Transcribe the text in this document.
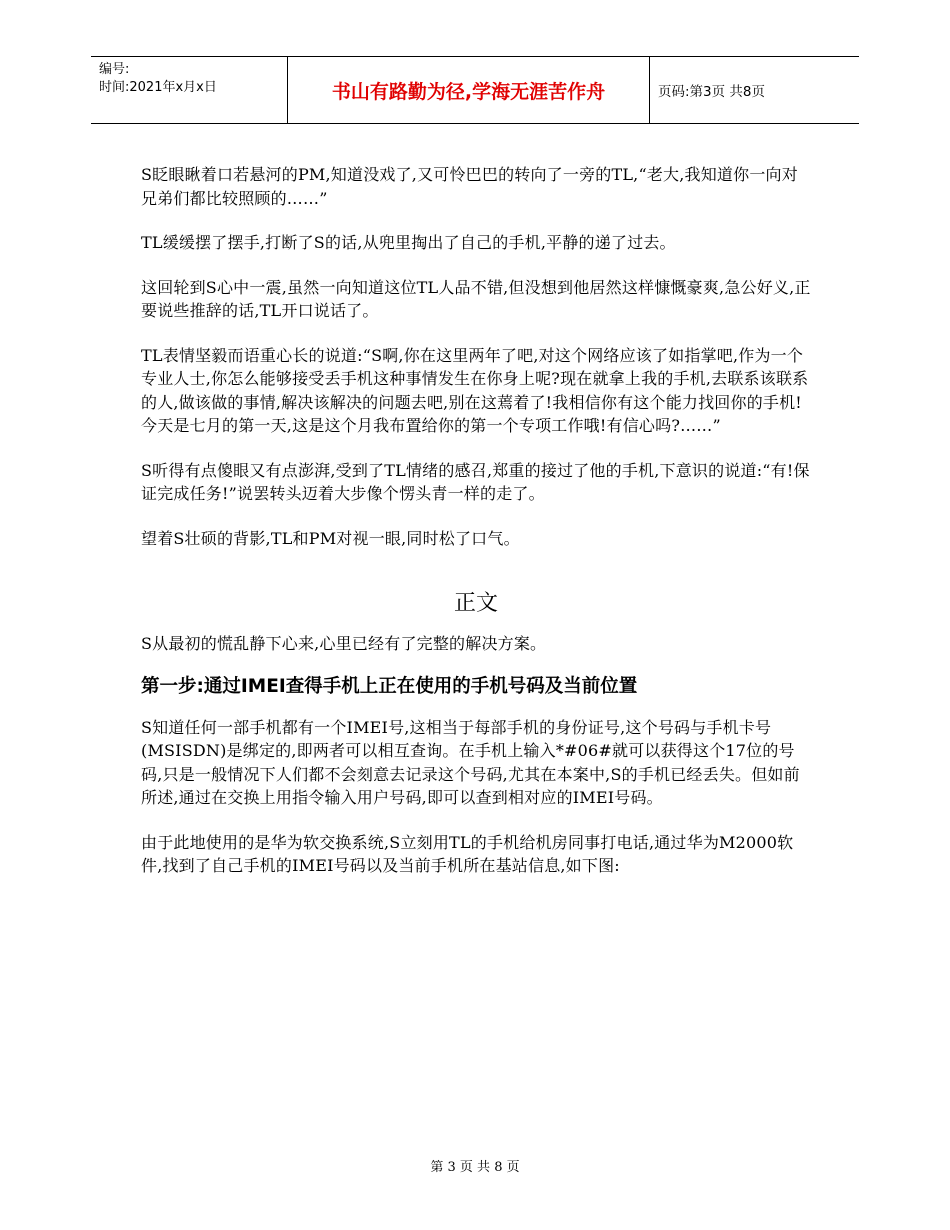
编号:
时间:2021年x月x日	书山有路勤为径,学海无涯苦作舟	页码:第3页 共8页

S眨眼瞅着口若悬河的PM,知道没戏了,又可怜巴巴的转向了一旁的TL,“老大,我知道你一向对兄弟们都比较照顾的……”

TL缓缓摆了摆手,打断了S的话,从兜里掏出了自己的手机,平静的递了过去。

这回轮到S心中一震,虽然一向知道这位TL人品不错,但没想到他居然这样慷慨豪爽,急公好义,正要说些推辞的话,TL开口说话了。

TL表情坚毅而语重心长的说道:“S啊,你在这里两年了吧,对这个网络应该了如指掌吧,作为一个专业人士,你怎么能够接受丢手机这种事情发生在你身上呢?现在就拿上我的手机,去联系该联系的人,做该做的事情,解决该解决的问题去吧,别在这蔫着了!我相信你有这个能力找回你的手机!今天是七月的第一天,这是这个月我布置给你的第一个专项工作哦!有信心吗?……”

S听得有点傻眼又有点澎湃,受到了TL情绪的感召,郑重的接过了他的手机,下意识的说道:“有!保证完成任务!”说罢转头迈着大步像个愣头青一样的走了。

望着S壮硕的背影,TL和PM对视一眼,同时松了口气。

正文

S从最初的慌乱静下心来,心里已经有了完整的解决方案。

第一步:通过IMEI查得手机上正在使用的手机号码及当前位置

S知道任何一部手机都有一个IMEI号,这相当于每部手机的身份证号,这个号码与手机卡号(MSISDN)是绑定的,即两者可以相互查询。在手机上输入*#06#就可以获得这个17位的号码,只是一般情况下人们都不会刻意去记录这个号码,尤其在本案中,S的手机已经丢失。但如前所述,通过在交换上用指令输入用户号码,即可以查到相对应的IMEI号码。

由于此地使用的是华为软交换系统,S立刻用TL的手机给机房同事打电话,通过华为M2000软件,找到了自己手机的IMEI号码以及当前手机所在基站信息,如下图:

第 3 页 共 8 页
